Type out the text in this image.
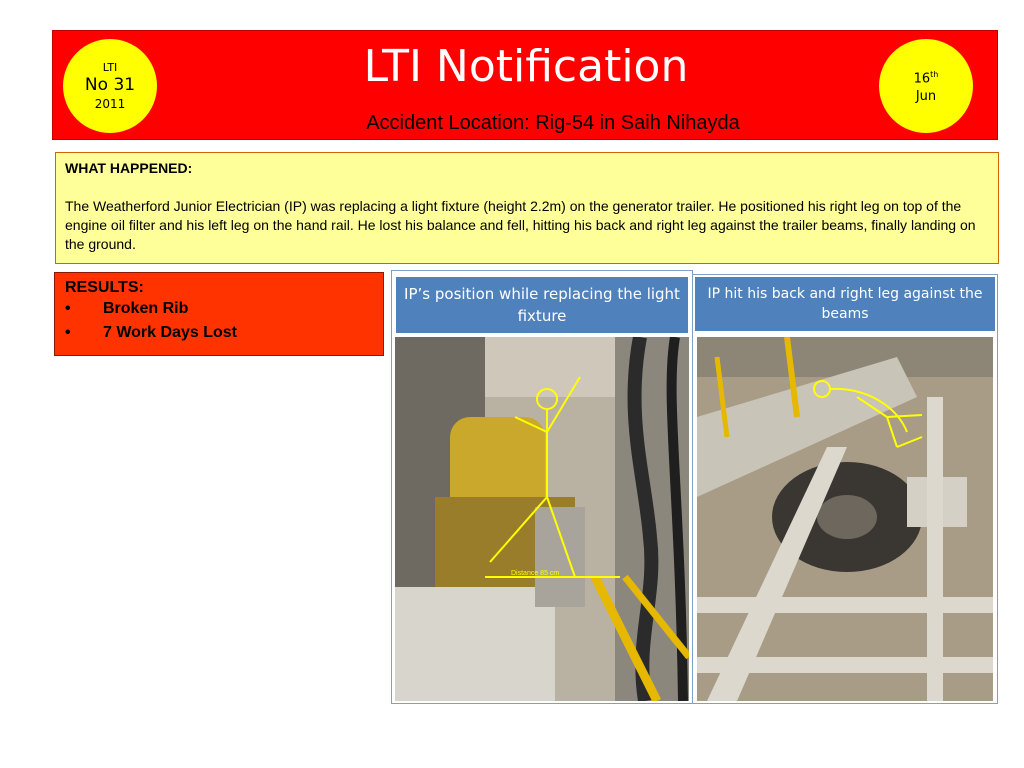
LTI
No 31
2011
LTI Notification
Accident Location: Rig-54 in Saih Nihayda
16th
Jun
WHAT HAPPENED:
The Weatherford Junior Electrician (IP) was replacing a light fixture (height 2.2m) on the generator trailer. He positioned his right leg on top of the engine oil filter and his left leg on the hand rail. He lost his balance and fell, hitting his back and right leg against the trailer beams, finally landing on the ground.
RESULTS:
•	Broken Rib
•	7 Work Days Lost
IP’s position while replacing the light fixture
Distance 85 cm
IP hit his back and right leg against the beams
